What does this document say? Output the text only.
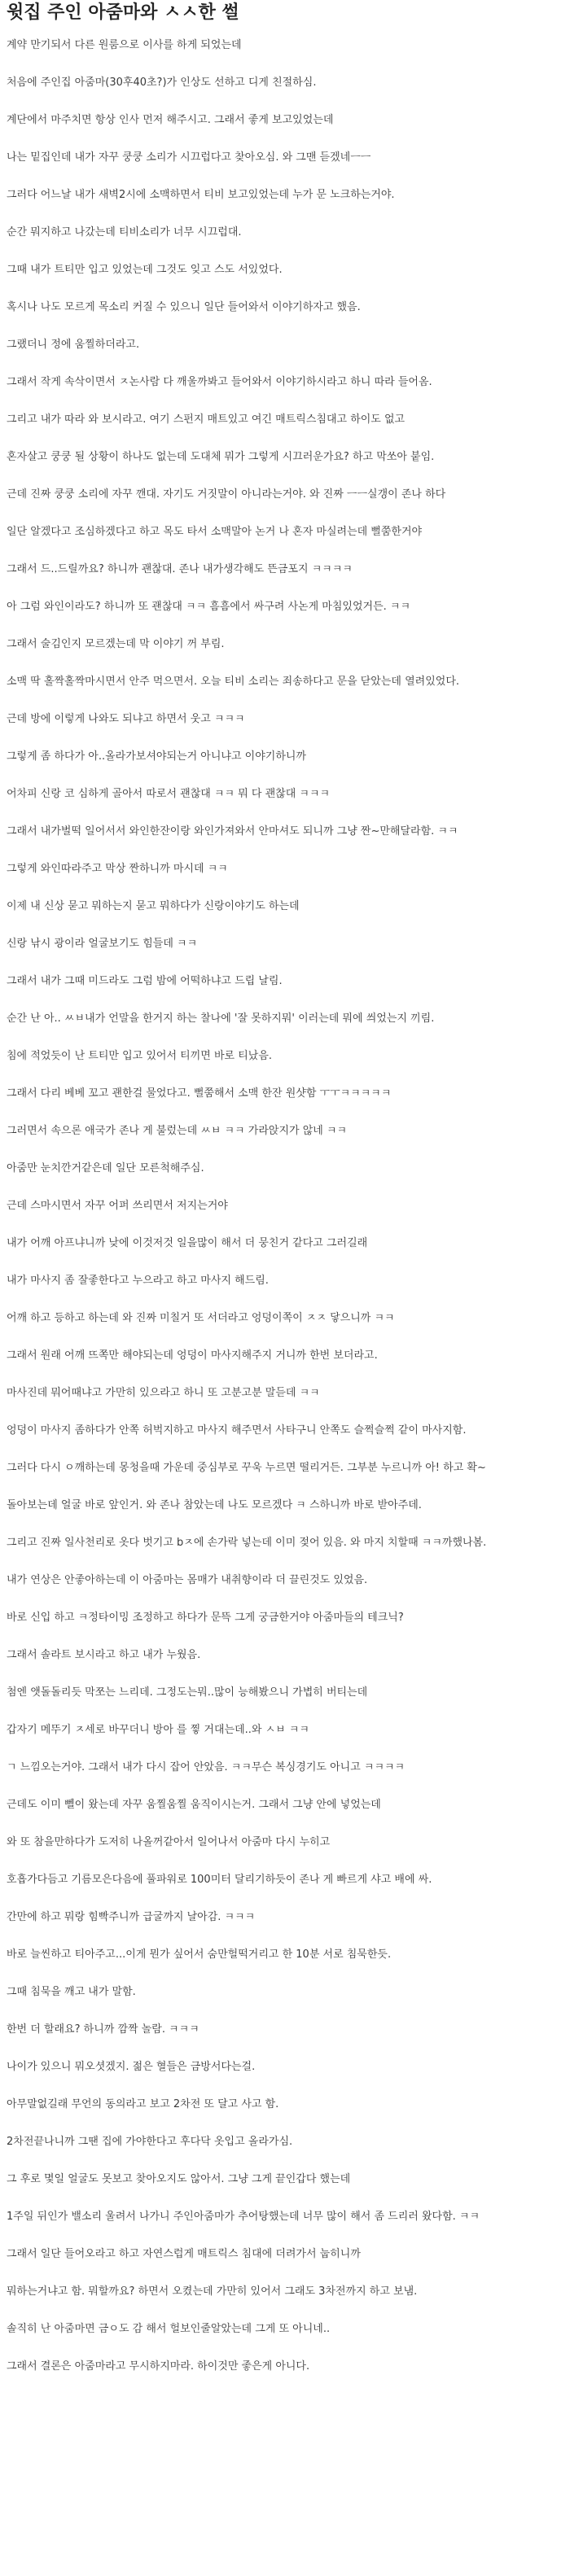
윗집 주인 아줌마와 ㅅㅅ한 썰

계약 만기되서 다른 원룸으로 이사를 하게 되었는데

처음에 주인집 아줌마(30후40초?)가 인상도 선하고 디게 친절하심.

계단에서 마주치면 항상 인사 먼저 해주시고. 그래서 좋게 보고있었는데

나는 밑집인데 내가 자꾸 쿵쿵 소리가 시끄럽다고 찾아오심. 와 그맨 듣겠네ㅡㅡ

그러다 어느날 내가 새벽2시에 소맥하면서 티비 보고있었는데 누가 문 노크하는거야.

순간 뭐지하고 나갔는데 티비소리가 너무 시끄럽대.

그때 내가 트티만 입고 있었는데 그것도 잊고 스도 서있었다.

혹시나 나도 모르게 목소리 커질 수 있으니 일단 들어와서 이야기하자고 했음.

그랬더니 정에 움찔하더라고.

그래서 작게 속삭이면서 ㅈ논사람 다 깨울까봐고 들어와서 이야기하시라고 하니 따라 들어옴.

그리고 내가 따라 와 보시라고. 여기 스펀지 매트있고 여긴 매트릭스침대고 하이도 없고

혼자살고 쿵쿵 될 상황이 하나도 없는데 도대체 뭐가 그렇게 시끄러운가요? 하고 막쏘아 붙임.

근데 진짜 쿵쿵 소리에 자꾸 깬대. 자기도 거짓말이 아니라는거야. 와 진짜 ㅡㅡ실갱이 존나 하다

일단 알겠다고 조심하겠다고 하고 목도 타서 소맥말아 논거 나 혼자 마실려는데 뻘쭘한거야

그래서 드..드릴까요? 하니까 괜찮대. 존나 내가생각해도 뜬금포지 ㅋㅋㅋㅋ

아 그럼 와인이라도? 하니까 또 괜찮대 ㅋㅋ 흠흠에서 싸구려 사논게 마침있었거든. ㅋㅋ

그래서 술김인지 모르겠는데 막 이야기 꺼 부림.

소맥 딱 홀짝홀짝마시면서 안주 먹으면서. 오늘 티비 소리는 죄송하다고 문을 닫았는데 열려있었다.

근데 방에 이렇게 나와도 되냐고 하면서 웃고 ㅋㅋㅋ

그렇게 좀 하다가 아..올라가보셔야되는거 아니냐고 이야기하니까

어차피 신랑 코 심하게 골아서 따로서 괜찮대 ㅋㅋ 뭐 다 괜찮대 ㅋㅋㅋ

그래서 내가벌떡 일어서서 와인한잔이랑 와인가져와서 안마셔도 되니까 그냥 짠~만해달라함. ㅋㅋ

그렇게 와인따라주고 막상 짠하니까 마시데 ㅋㅋ

이제 내 신상 묻고 뭐하는지 묻고 뭐하다가 신랑이야기도 하는데

신랑 낚시 광이라 얼굴보기도 힘들데 ㅋㅋ

그래서 내가 그때 미드라도 그럼 밤에 어떡하냐고 드립 날림.

순간 난 아.. ㅆㅂ내가 언말을 한거지 하는 찰나에 '잘 못하지뭐' 이러는데 뭐에 씌었는지 끼림.

침에 적었듯이 난 트티만 입고 있어서 티끼면 바로 티났음.

그래서 다리 베베 꼬고 괜한걸 물었다고. 뻘쭘해서 소맥 한잔 원샷함 ㅜㅜㅋㅋㅋㅋㅋ

그러면서 속으론 애국가 존나 게 불렀는데 ㅆㅂ ㅋㅋ 가라앉지가 않네 ㅋㅋ

아줌만 눈치깐거같은데 일단 모른척해주심.

근데 스마시면서 자꾸 어퍼 쓰리면서 저지는거야

내가 어깨 아프냐니까 낮에 이것저것 일을많이 해서 더 뭉친거 같다고 그러길래

내가 마사지 좀 잘좋한다고 누으라고 하고 마사지 해드림.

어깨 하고 등하고 하는데 와 진짜 미칠거 또 서더라고 엉덩이쪽이 ㅈㅈ 닿으니까 ㅋㅋ

그래서 원래 어깨 뜨쪽만 해야되는데 엉덩이 마사지해주지 거니까 한번 보더라고.

마사진데 뭐어때냐고 가만히 있으라고 하니 또 고분고분 말듣데 ㅋㅋ

엉덩이 마사지 좀하다가 안쪽 허벅지하고 마사지 해주면서 사타구니 안쪽도 슬쩍슬쩍 같이 마사지함.

그러다 다시 ㅇ깨하는데 몽청을때 가운데 중심부로 꾸욱 누르면 떨리거든. 그부분 누르니까 아! 하고 확~

돌아보는데 얼굴 바로 앞인거. 와 존나 참았는데 나도 모르겠다 ㅋ 스하니까 바로 받아주데.

그리고 진짜 일사천리로 옷다 벗기고 bㅈ에 손가락 넣는데 이미 젖어 있음. 와 마지 치할때 ㅋㅋ까했나봄.

내가 연상은 안좋아하는데 이 아줌마는 몸매가 내취향이라 더 끌린것도 있었음.

바로 신입 하고 ㅋ정타이밍 조정하고 하다가 문뜩 그게 궁금한거야 아줌마들의 테크닉?

그래서 솔라트 보시라고 하고 내가 누웠음.

첨엔 앳돌돌리듯 막쪼는 느리데. 그정도는뭐..많이 능해봤으니 가볍히 버티는데

갑자기 메뚜기 ㅈ세로 바꾸더니 방아 를 찧 거대는데..와 ㅅㅂ ㅋㅋ

ㄱ 느낌오는거야. 그래서 내가 다시 잡어 안았음. ㅋㅋ무슨 복싱경기도 아니고 ㅋㅋㅋㅋ

근데도 이미 뻴이 왔는데 자꾸 움찔움찔 움직이시는거. 그래서 그냥 안에 넣었는데

와 또 참을만하다가 도저히 나올꺼같아서 일어나서 아줌마 다시 누히고

호흡가다듬고 기름모은다음에 풀파워로 100미터 달리기하듯이 존나 게 빠르게 샤고 배에 싸.

간만에 하고 뭐랑 힘빡주니까 급굴까지 날아감. ㅋㅋㅋ

바로 늘씬하고 티아주고...이게 뭔가 싶어서 숨만헐떡거리고 한 10분 서로 침묵한듯.

그때 침묵을 깨고 내가 말함.

한번 더 할래요? 하니까 깜짝 놀람. ㅋㅋㅋ

나이가 있으니 뭐오셧겠지. 젊은 혈들은 금방서다는걸.

아무말없길래 무언의 동의라고 보고 2차전 또 달고 사고 함.

2차전끝나니까 그땐 집에 가야한다고 후다닥 옷입고 올라가심.

그 후로 몇일 얼굴도 못보고 찾아오지도 않아서. 그냥 그게 끝인갑다 했는데

1주일 뒤인가 밸소리 울려서 나가니 주인아줌마가 추어탕했는데 너무 많이 해서 좀 드리러 왔다함. ㅋㅋ

그래서 일단 들어오라고 하고 자연스럽게 매트릭스 침대에 더려가서 눕히니까

뭐하는거냐고 함. 뭐할까요? 하면서 오켰는데 가만히 있어서 그래도 3차전까지 하고 보냄.

솔직히 난 아줌마면 금ㅇ도 감 해서 헐보인줄알았는데 그게 또 아니네..

그래서 결론은 아줌마라고 무시하지마라. 하이것만 좋은게 아니다.
